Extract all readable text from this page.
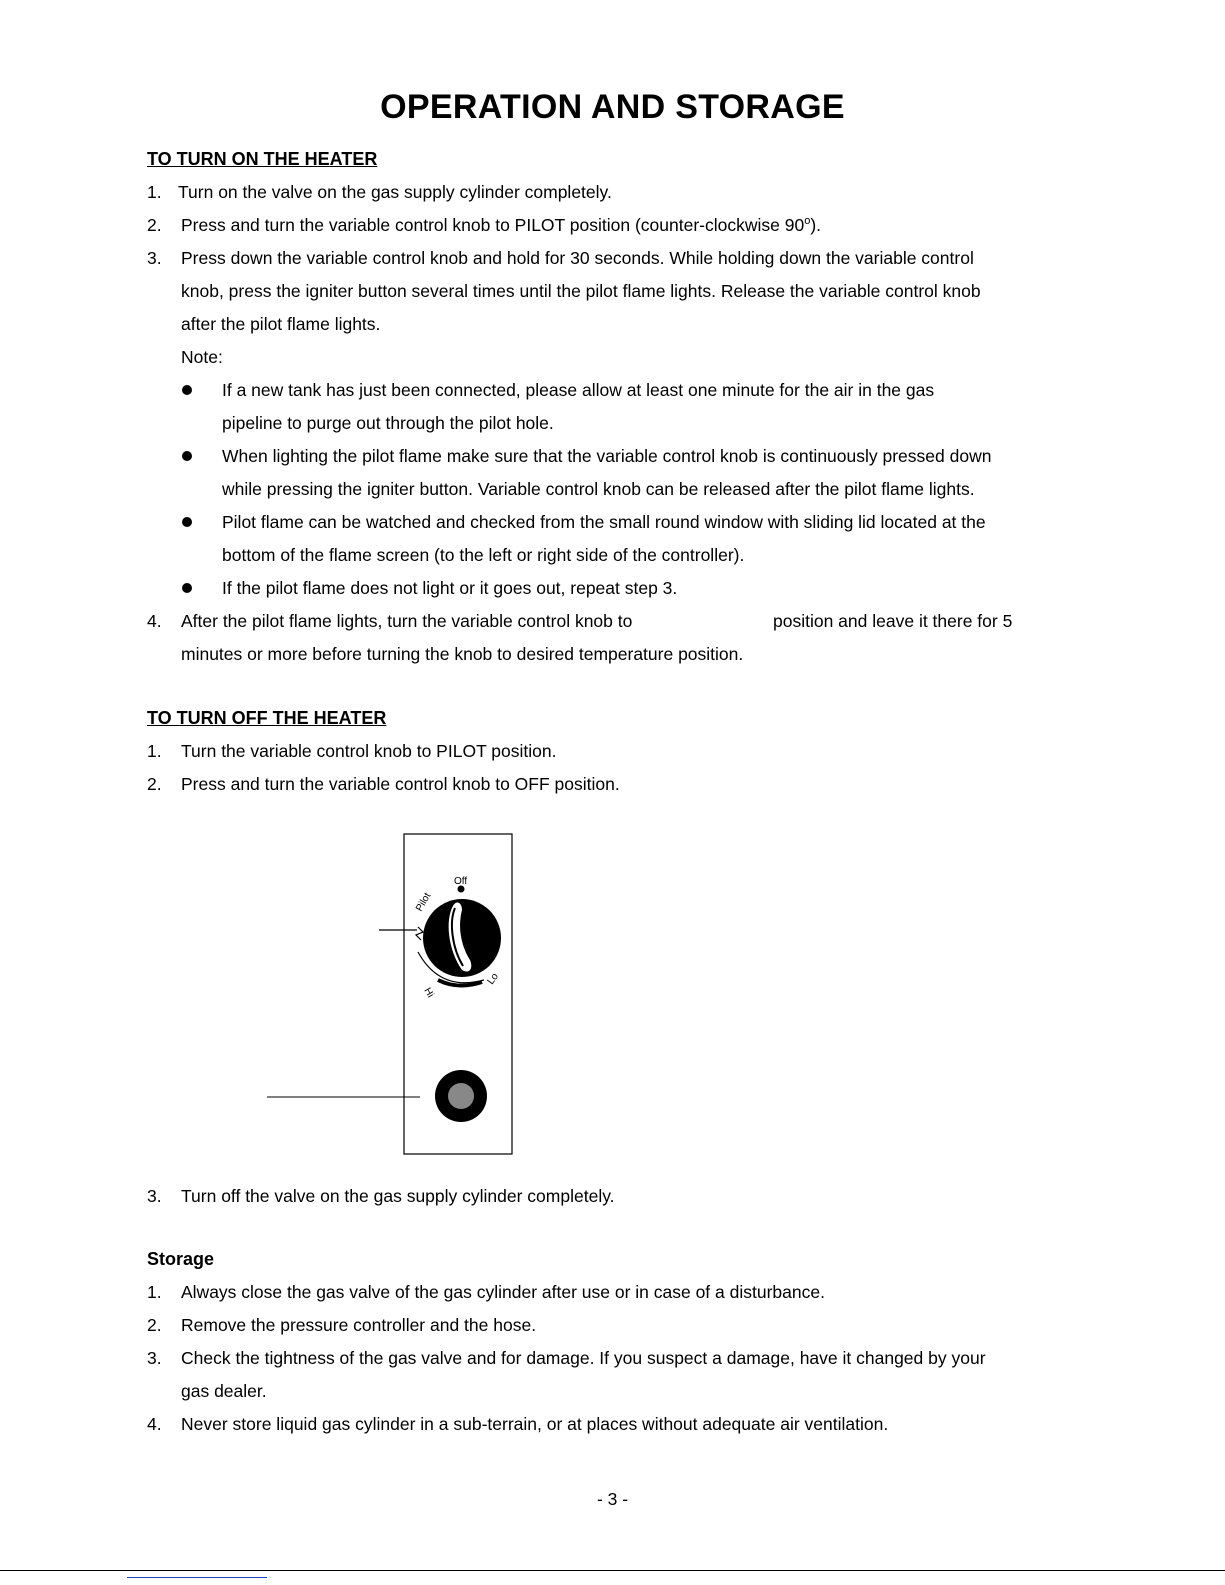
OPERATION AND STORAGE
TO TURN ON THE HEATER
1. Turn on the valve on the gas supply cylinder completely.
2. Press and turn the variable control knob to PILOT position (counter-clockwise 90$^o$).
3. Press down the variable control knob and hold for 30 seconds. While holding down the variable control
knob, press the igniter button several times until the pilot flame lights. Release the variable control knob
after the pilot flame lights.
Note:
If a new tank has just been connected, please allow at least one minute for the air in the gas
pipeline to purge out through the pilot hole.
When lighting the pilot flame make sure that the variable control knob is continuously pressed down
while pressing the igniter button. Variable control knob can be released after the pilot flame lights.
Pilot flame can be watched and checked from the small round window with sliding lid located at the
bottom of the flame screen (to the left or right side of the controller).
If the pilot flame does not light or it goes out, repeat step 3.
4. After the pilot flame lights, turn the variable control knob to	position and leave it there for 5
minutes or more before turning the knob to desired temperature position.
TO TURN OFF THE HEATER
1. Turn the variable control knob to PILOT position.
2. Press and turn the variable control knob to OFF position.
Off
Pilot
Hi
Lo
3. Turn off the valve on the gas supply cylinder completely.
Storage
1. Always close the gas valve of the gas cylinder after use or in case of a disturbance.
2. Remove the pressure controller and the hose.
3. Check the tightness of the gas valve and for damage. If you suspect a damage, have it changed by your
gas dealer.
4. Never store liquid gas cylinder in a sub-terrain, or at places without adequate air ventilation.
- 3 -
